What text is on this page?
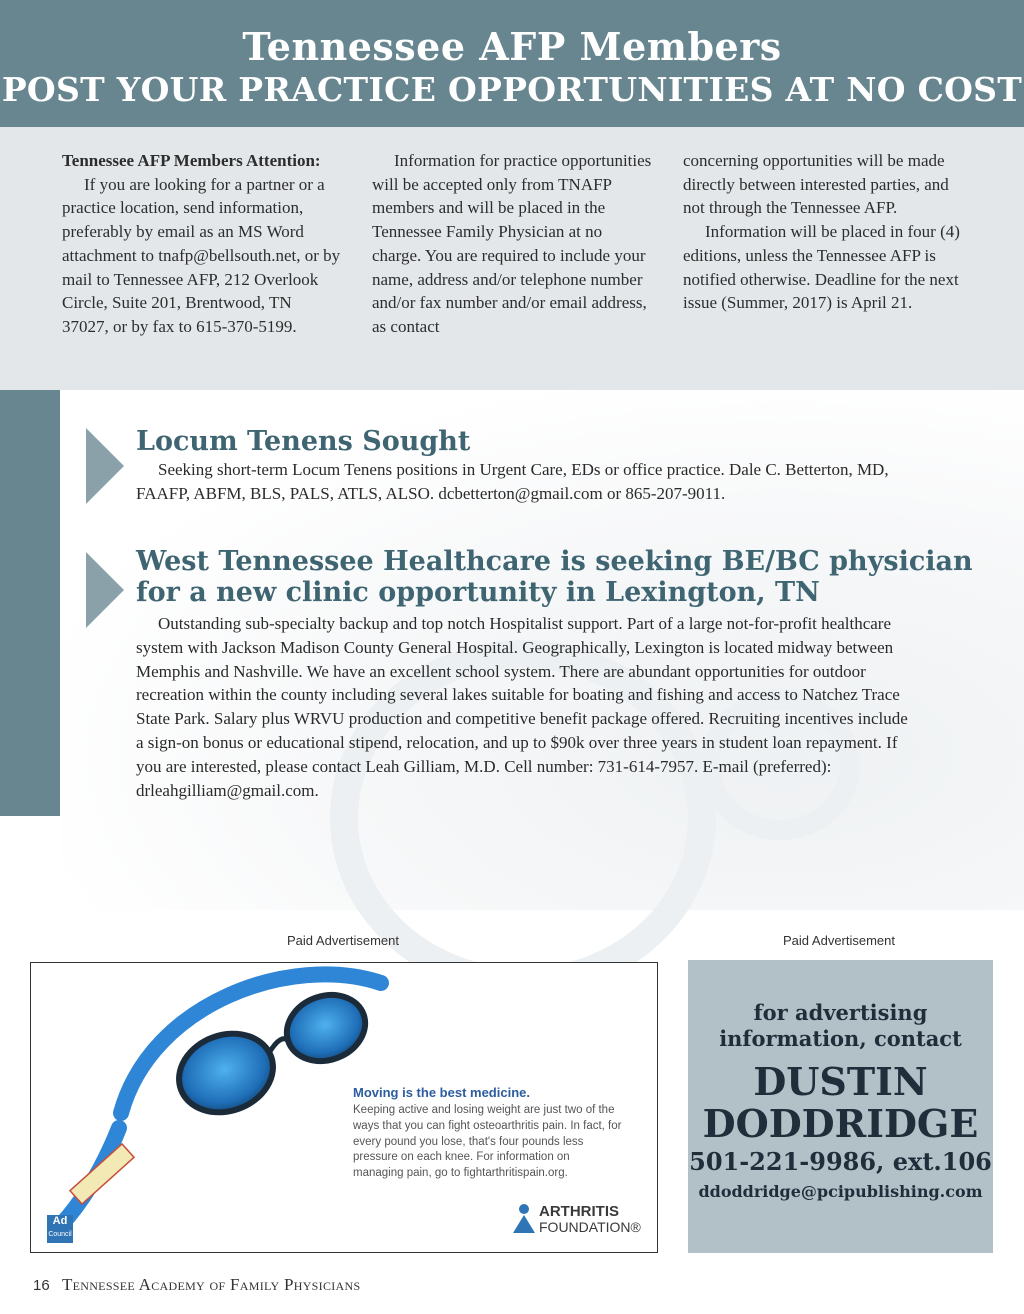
Tennessee AFP Members
POST YOUR PRACTICE OPPORTUNITIES AT NO COST

Tennessee AFP Members Attention:

If you are looking for a partner or a practice location, send information, preferably by email as an MS Word attachment to tnafp@bellsouth.net, or by mail to Tennessee AFP, 212 Overlook Circle, Suite 201, Brentwood, TN 37027, or by fax to 615-370-5199.

Information for practice opportunities will be accepted only from TNAFP members and will be placed in the Tennessee Family Physician at no charge. You are required to include your name, address and/or telephone number and/or fax number and/or email address, as contact

concerning opportunities will be made directly between interested parties, and not through the Tennessee AFP.

Information will be placed in four (4) editions, unless the Tennessee AFP is notified otherwise. Deadline for the next issue (Summer, 2017) is April 21.

Locum Tenens Sought
Seeking short-term Locum Tenens positions in Urgent Care, EDs or office practice. Dale C. Betterton, MD, FAAFP, ABFM, BLS, PALS, ATLS, ALSO. dcbetterton@gmail.com or 865-207-9011.
West Tennessee Healthcare is seeking BE/BC physician
for a new clinic opportunity in Lexington, TN
Outstanding sub-specialty backup and top notch Hospitalist support. Part of a large not-for-profit healthcare system with Jackson Madison County General Hospital. Geographically, Lexington is located midway between Memphis and Nashville. We have an excellent school system. There are abundant opportunities for outdoor recreation within the county including several lakes suitable for boating and fishing and access to Natchez Trace State Park. Salary plus WRVU production and competitive benefit package offered. Recruiting incentives include a sign-on bonus or educational stipend, relocation, and up to $90k over three years in student loan repayment. If you are interested, please contact Leah Gilliam, M.D. Cell number: 731-614-7957. E-mail (preferred): drleahgilliam@gmail.com.
Paid Advertisement	Paid Advertisement
Moving is the best medicine.
Keeping active and losing weight are just two of the ways that you can fight osteoarthritis pain. In fact, for every pound you lose, that's four pounds less pressure on each knee. For information on managing pain, go to fightarthritispain.org.
Ad
Council
ARTHRITIS
FOUNDATION®
for advertising
information, contact
DUSTIN
DODDRIDGE
501-221-9986, ext.106
ddoddridge@pcipublishing.com
16 Tennessee Academy of Family Physicians
